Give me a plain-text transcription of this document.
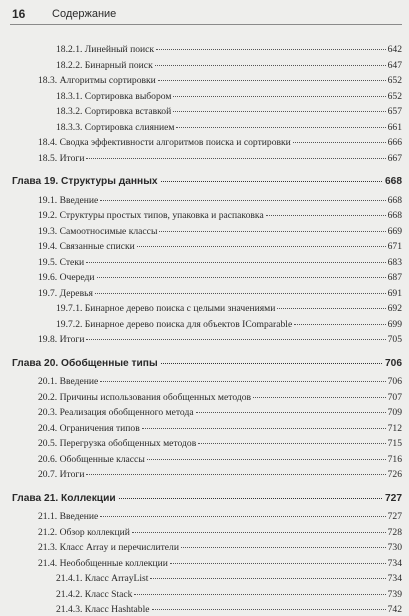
16 Содержание
18.2.1. Линейный поиск	642
18.2.2. Бинарный поиск	647
18.3. Алгоритмы сортировки	652
18.3.1. Сортировка выбором	652
18.3.2. Сортировка вставкой	657
18.3.3. Сортировка слиянием	661
18.4. Сводка эффективности алгоритмов поиска и сортировки	666
18.5. Итоги	667
Глава 19. Структуры данных	668
19.1. Введение	668
19.2. Структуры простых типов, упаковка и распаковка	668
19.3. Самоотносимые классы	669
19.4. Связанные списки	671
19.5. Стеки	683
19.6. Очереди	687
19.7. Деревья	691
19.7.1. Бинарное дерево поиска с целыми значениями	692
19.7.2. Бинарное дерево поиска для объектов IComparable	699
19.8. Итоги	705
Глава 20. Обобщенные типы	706
20.1. Введение	706
20.2. Причины использования обобщенных методов	707
20.3. Реализация обобщенного метода	709
20.4. Ограничения типов	712
20.5. Перегрузка обобщенных методов	715
20.6. Обобщенные классы	716
20.7. Итоги	726
Глава 21. Коллекции	727
21.1. Введение	727
21.2. Обзор коллекций	728
21.3. Класс Array и перечислители	730
21.4. Необобщенные коллекции	734
21.4.1. Класс ArrayList	734
21.4.2. Класс Stack	739
21.4.3. Класс Hashtable	742
